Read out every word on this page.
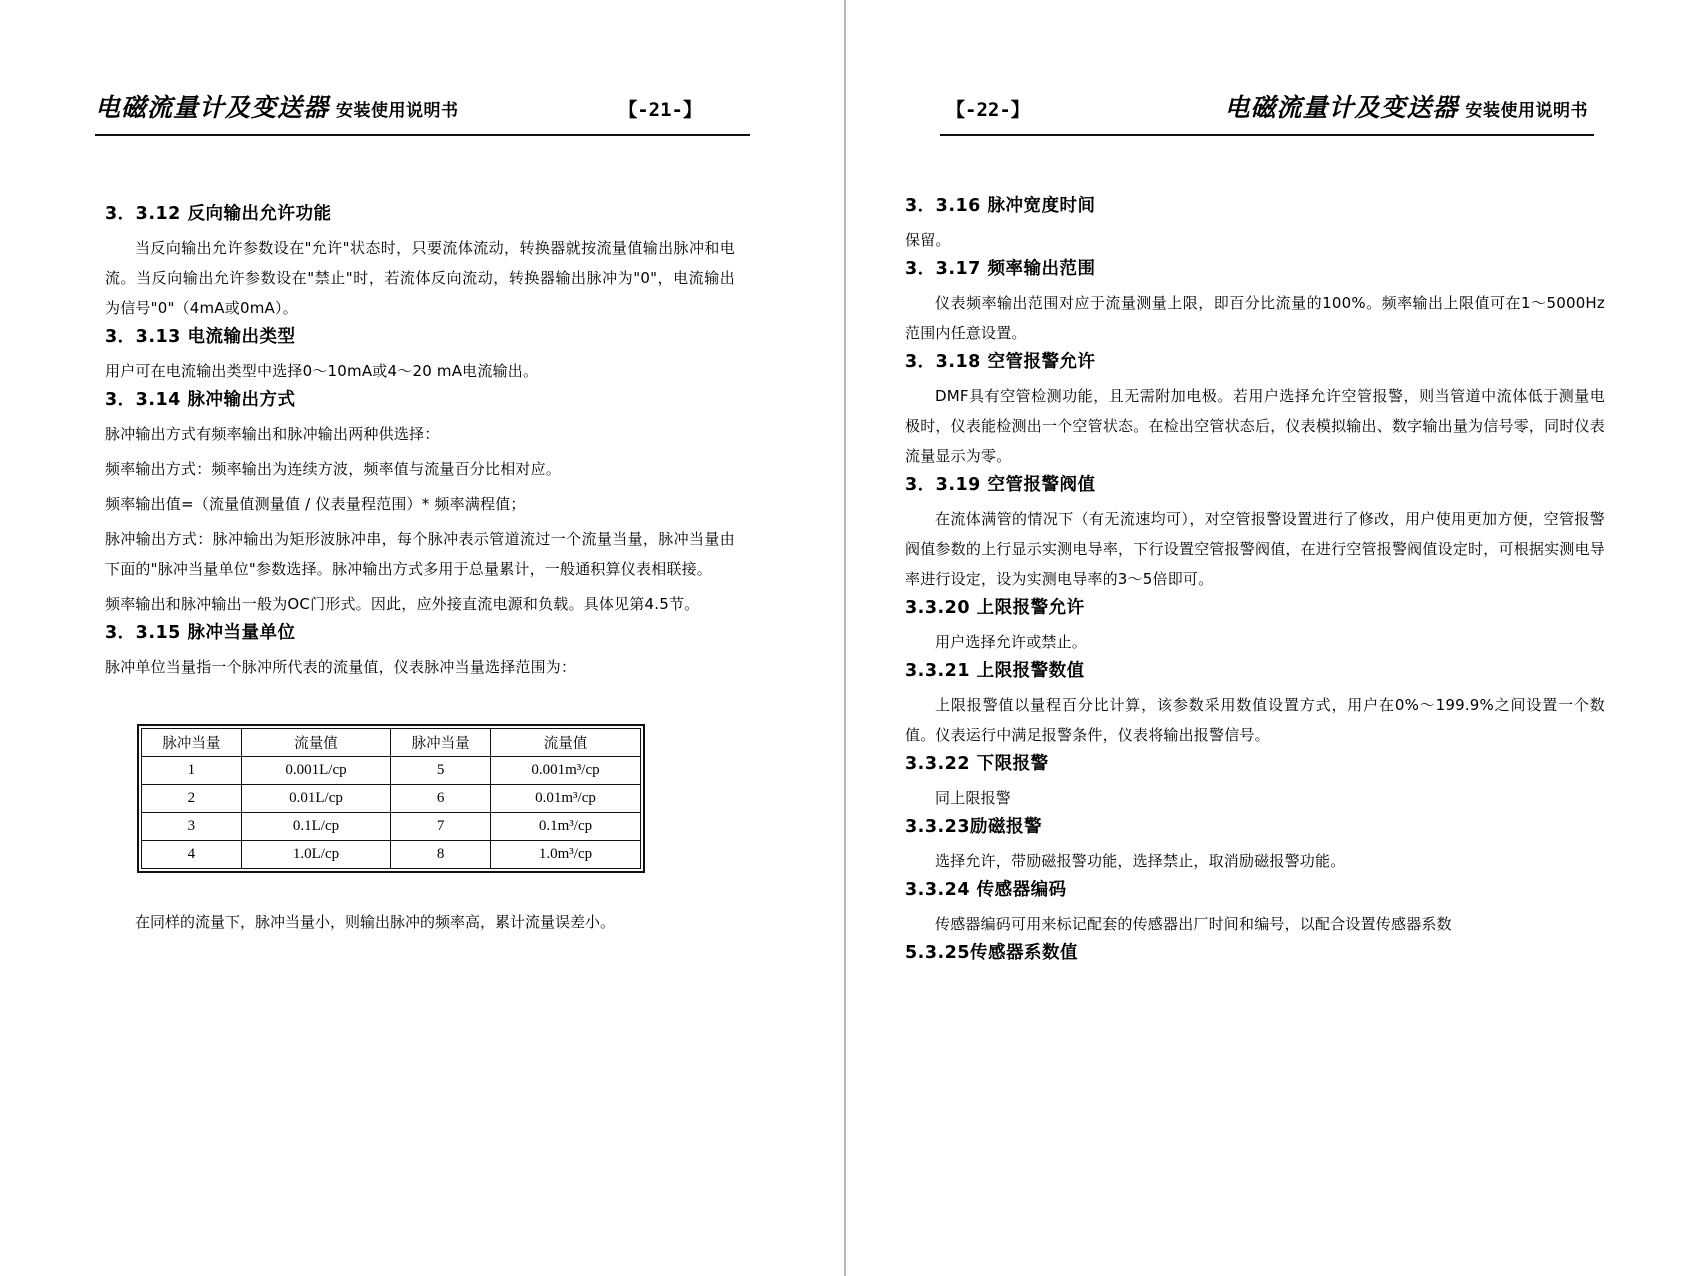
电磁流量计及变送器 安装使用说明书	【-21-】
3．3.12 反向输出允许功能

当反向输出允许参数设在"允许"状态时，只要流体流动，转换器就按流量值输出脉冲和电流。当反向输出允许参数设在"禁止"时，若流体反向流动，转换器输出脉冲为"0"，电流输出为信号"0"（4mA或0mA）。

3．3.13 电流输出类型

用户可在电流输出类型中选择0～10mA或4～20 mA电流输出。

3．3.14 脉冲输出方式

脉冲输出方式有频率输出和脉冲输出两种供选择：

频率输出方式：频率输出为连续方波，频率值与流量百分比相对应。

频率输出值=（流量值测量值 / 仪表量程范围）* 频率满程值；

脉冲输出方式：脉冲输出为矩形波脉冲串，每个脉冲表示管道流过一个流量当量，脉冲当量由下面的"脉冲当量单位"参数选择。脉冲输出方式多用于总量累计，一般通积算仪表相联接。

频率输出和脉冲输出一般为OC门形式。因此，应外接直流电源和负载。具体见第4.5节。

3．3.15 脉冲当量单位

脉冲单位当量指一个脉冲所代表的流量值，仪表脉冲当量选择范围为：

脉冲当量	流量值	脉冲当量	流量值
1	0.001L/cp	5	0.001m³/cp
2	0.01L/cp	6	0.01m³/cp
3	0.1L/cp	7	0.1m³/cp
4	1.0L/cp	8	1.0m³/cp

在同样的流量下，脉冲当量小，则输出脉冲的频率高，累计流量误差小。

【-22-】	电磁流量计及变送器 安装使用说明书
3．3.16 脉冲宽度时间

保留。

3．3.17 频率输出范围

仪表频率输出范围对应于流量测量上限，即百分比流量的100%。频率输出上限值可在1～5000Hz范围内任意设置。

3．3.18 空管报警允许

DMF具有空管检测功能，且无需附加电极。若用户选择允许空管报警，则当管道中流体低于测量电极时，仪表能检测出一个空管状态。在检出空管状态后，仪表模拟输出、数字输出量为信号零，同时仪表流量显示为零。

3．3.19 空管报警阀值

在流体满管的情况下（有无流速均可），对空管报警设置进行了修改，用户使用更加方便，空管报警阀值参数的上行显示实测电导率，下行设置空管报警阀值，在进行空管报警阀值设定时，可根据实测电导率进行设定，设为实测电导率的3～5倍即可。

3.3.20 上限报警允许

用户选择允许或禁止。

3.3.21 上限报警数值

上限报警值以量程百分比计算，该参数采用数值设置方式，用户在0%～199.9%之间设置一个数值。仪表运行中满足报警条件，仪表将输出报警信号。

3.3.22 下限报警

同上限报警

3.3.23励磁报警

选择允许，带励磁报警功能，选择禁止，取消励磁报警功能。

3.3.24 传感器编码

传感器编码可用来标记配套的传感器出厂时间和编号，以配合设置传感器系数

5.3.25传感器系数值
